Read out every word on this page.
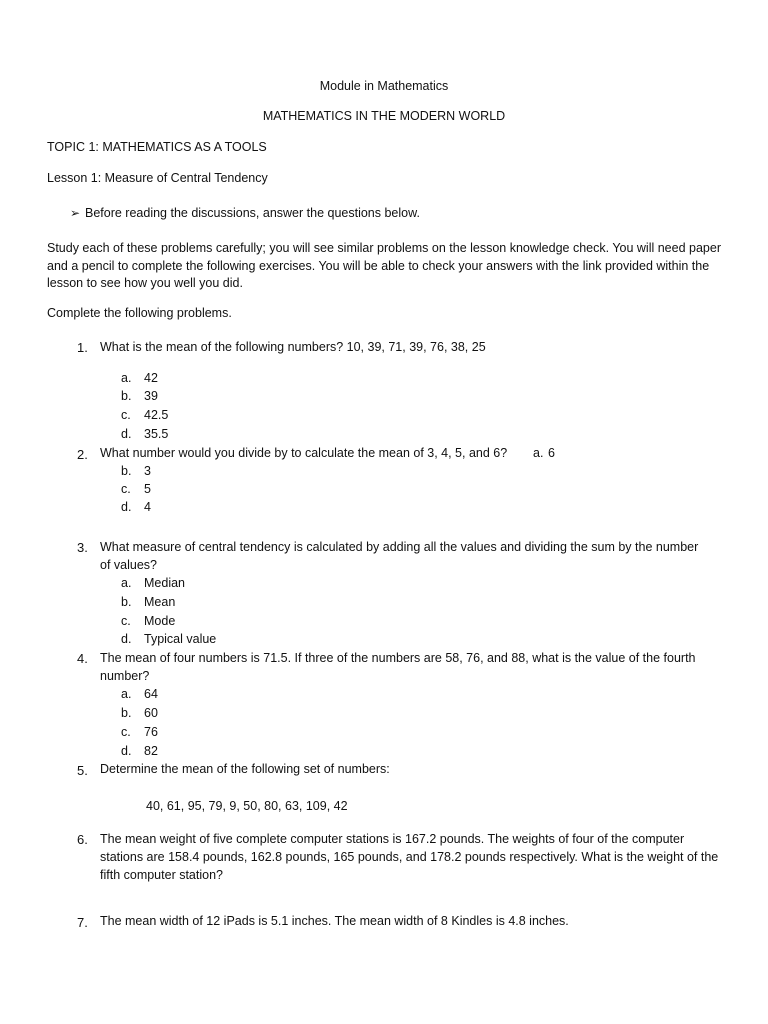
Module in Mathematics
MATHEMATICS IN THE MODERN WORLD
TOPIC 1: MATHEMATICS AS A TOOLS
Lesson 1: Measure of Central Tendency
➢ Before reading the discussions, answer the questions below.
Study each of these problems carefully; you will see similar problems on the lesson knowledge check. You will need paper and a pencil to complete the following exercises. You will be able to check your answers with the link provided within the lesson to see how you well you did.
Complete the following problems.
1. What is the mean of the following numbers? 10, 39, 71, 39, 76, 38, 25
a.	42
b.	39
c.	42.5
d.	35.5
2. What number would you divide by to calculate the mean of 3, 4, 5, and 6? a. 6
b.	3
c.	5
d.	4
3. What measure of central tendency is calculated by adding all the values and dividing the sum by the number of values?
a.	Median
b.	Mean
c.	Mode
d.	Typical value
4. The mean of four numbers is 71.5. If three of the numbers are 58, 76, and 88, what is the value of the fourth number?
a.	64
b.	60
c.	76
d.	82
5. Determine the mean of the following set of numbers:
40, 61, 95, 79, 9, 50, 80, 63, 109, 42
6. The mean weight of five complete computer stations is 167.2 pounds. The weights of four of the computer stations are 158.4 pounds, 162.8 pounds, 165 pounds, and 178.2 pounds respectively. What is the weight of the fifth computer station?
7. The mean width of 12 iPads is 5.1 inches. The mean width of 8 Kindles is 4.8 inches.
